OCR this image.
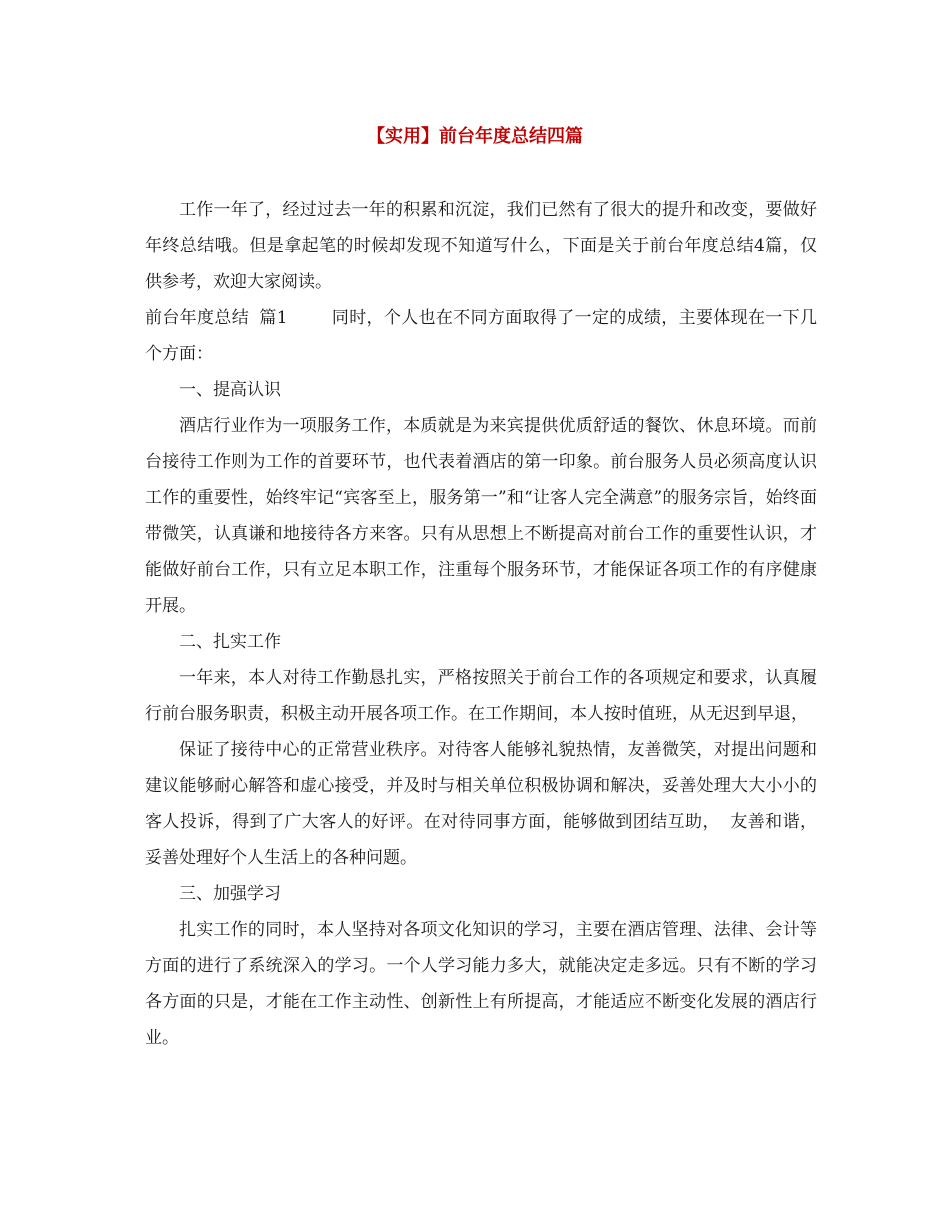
【实用】前台年度总结四篇

工作一年了，经过过去一年的积累和沉淀，我们已然有了很大的提升和改变，要做好年终总结哦。但是拿起笔的时候却发现不知道写什么，下面是关于前台年度总结4篇，仅供参考，欢迎大家阅读。

前台年度总结 篇1	同时，个人也在不同方面取得了一定的成绩，主要体现在一下几个方面：

一、提高认识

酒店行业作为一项服务工作，本质就是为来宾提供优质舒适的餐饮、休息环境。而前台接待工作则为工作的首要环节，也代表着酒店的第一印象。前台服务人员必须高度认识工作的重要性，始终牢记“宾客至上，服务第一”和“让客人完全满意”的服务宗旨，始终面带微笑，认真谦和地接待各方来客。只有从思想上不断提高对前台工作的重要性认识，才能做好前台工作，只有立足本职工作，注重每个服务环节，才能保证各项工作的有序健康开展。

二、扎实工作

一年来，本人对待工作勤恳扎实，严格按照关于前台工作的各项规定和要求，认真履行前台服务职责，积极主动开展各项工作。在工作期间，本人按时值班，从无迟到早退，

保证了接待中心的正常营业秩序。对待客人能够礼貌热情，友善微笑，对提出问题和建议能够耐心解答和虚心接受，并及时与相关单位积极协调和解决，妥善处理大大小小的客人投诉，得到了广大客人的好评。在对待同事方面，能够做到团结互助， 友善和谐，妥善处理好个人生活上的各种问题。

三、加强学习

扎实工作的同时，本人坚持对各项文化知识的学习，主要在酒店管理、法律、会计等方面的进行了系统深入的学习。一个人学习能力多大，就能决定走多远。只有不断的学习各方面的只是，才能在工作主动性、创新性上有所提高，才能适应不断变化发展的酒店行业。
